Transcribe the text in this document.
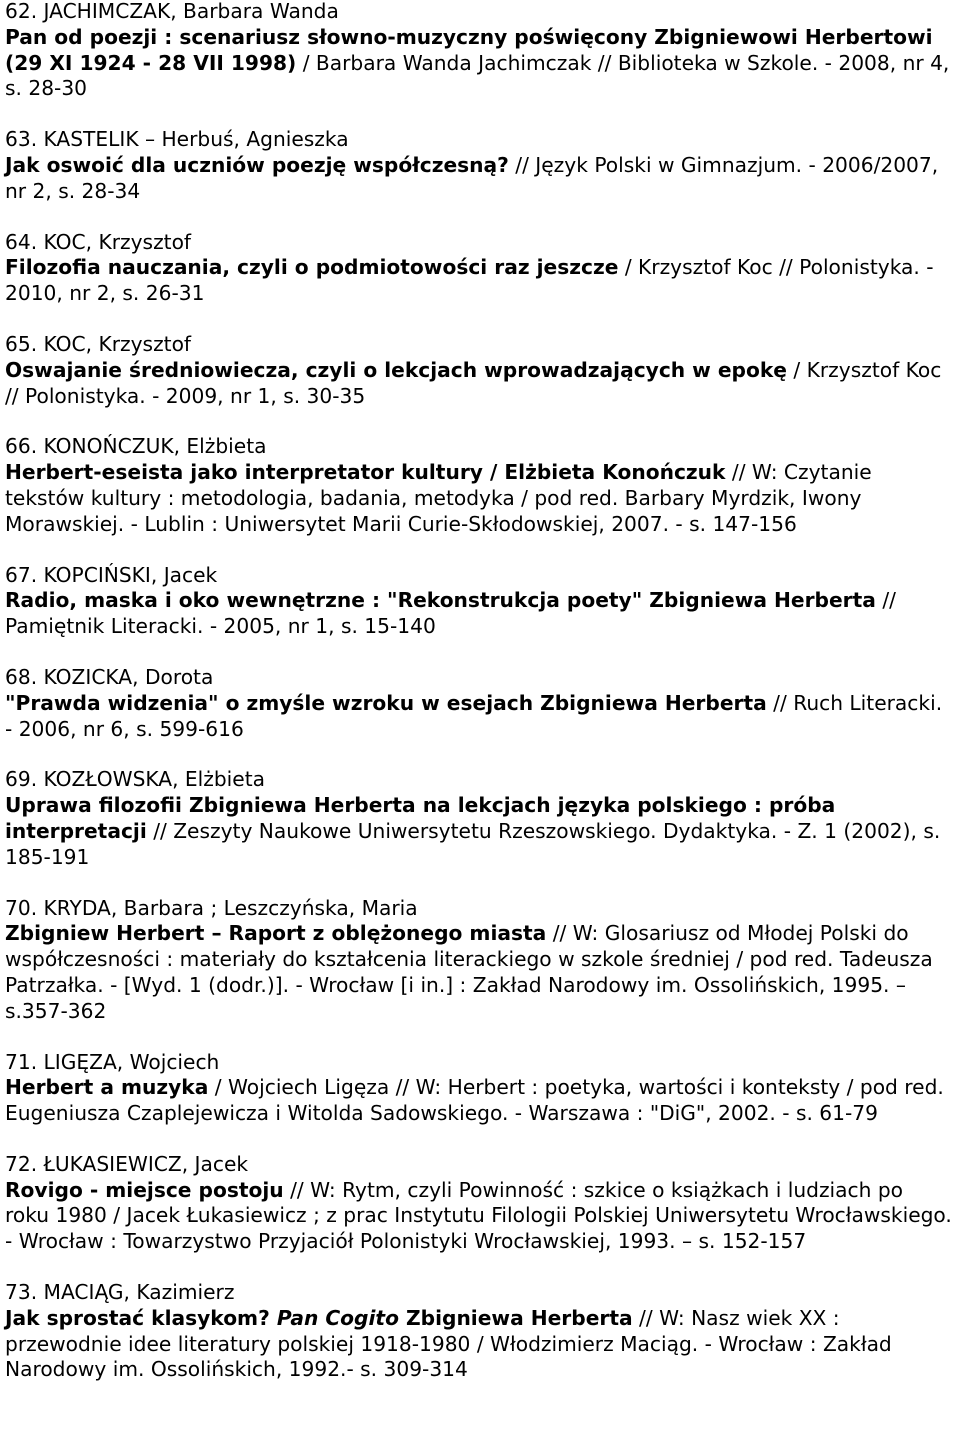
62. JACHIMCZAK, Barbara Wanda
Pan od poezji : scenariusz słowno-muzyczny poświęcony Zbigniewowi Herbertowi (29 XI 1924 - 28 VII 1998) / Barbara Wanda Jachimczak // Biblioteka w Szkole. - 2008, nr 4, s. 28-30
63. KASTELIK – Herbuś, Agnieszka
Jak oswoić dla uczniów poezję współczesną? // Język Polski w Gimnazjum. - 2006/2007, nr 2, s. 28-34
64. KOC, Krzysztof
Filozofia nauczania, czyli o podmiotowości raz jeszcze / Krzysztof Koc // Polonistyka. - 2010, nr 2, s. 26-31
65. KOC, Krzysztof
Oswajanie średniowiecza, czyli o lekcjach wprowadzających w epokę / Krzysztof Koc // Polonistyka. - 2009, nr 1, s. 30-35
66. KONOŃCZUK, Elżbieta
Herbert-eseista jako interpretator kultury / Elżbieta Konończuk // W: Czytanie tekstów kultury : metodologia, badania, metodyka / pod red. Barbary Myrdzik, Iwony Morawskiej. - Lublin : Uniwersytet Marii Curie-Skłodowskiej, 2007. - s. 147-156
67. KOPCIŃSKI, Jacek
Radio, maska i oko wewnętrzne : "Rekonstrukcja poety" Zbigniewa Herberta // Pamiętnik Literacki. - 2005, nr 1, s. 15-140
68. KOZICKA, Dorota
"Prawda widzenia" o zmyśle wzroku w esejach Zbigniewa Herberta // Ruch Literacki. - 2006, nr 6, s. 599-616
69. KOZŁOWSKA, Elżbieta
Uprawa filozofii Zbigniewa Herberta na lekcjach języka polskiego : próba interpretacji // Zeszyty Naukowe Uniwersytetu Rzeszowskiego. Dydaktyka. - Z. 1 (2002), s. 185-191
70. KRYDA, Barbara ; Leszczyńska, Maria
Zbigniew Herbert – Raport z oblężonego miasta // W: Glosariusz od Młodej Polski do współczesności : materiały do kształcenia literackiego w szkole średniej / pod red. Tadeusza Patrzałka. - [Wyd. 1 (dodr.)]. - Wrocław [i in.] : Zakład Narodowy im. Ossolińskich, 1995. – s.357-362
71. LIGĘZA, Wojciech
Herbert a muzyka / Wojciech Ligęza // W: Herbert : poetyka, wartości i konteksty / pod red. Eugeniusza Czaplejewicza i Witolda Sadowskiego. - Warszawa : "DiG", 2002. - s. 61-79
72. ŁUKASIEWICZ, Jacek
Rovigo - miejsce postoju // W: Rytm, czyli Powinność : szkice o książkach i ludziach po roku 1980 / Jacek Łukasiewicz ; z prac Instytutu Filologii Polskiej Uniwersytetu Wrocławskiego. - Wrocław : Towarzystwo Przyjaciół Polonistyki Wrocławskiej, 1993. – s. 152-157
73. MACIĄG, Kazimierz
Jak sprostać klasykom? Pan Cogito Zbigniewa Herberta // W: Nasz wiek XX : przewodnie idee literatury polskiej 1918-1980 / Włodzimierz Maciąg. - Wrocław : Zakład Narodowy im. Ossolińskich, 1992.- s. 309-314
